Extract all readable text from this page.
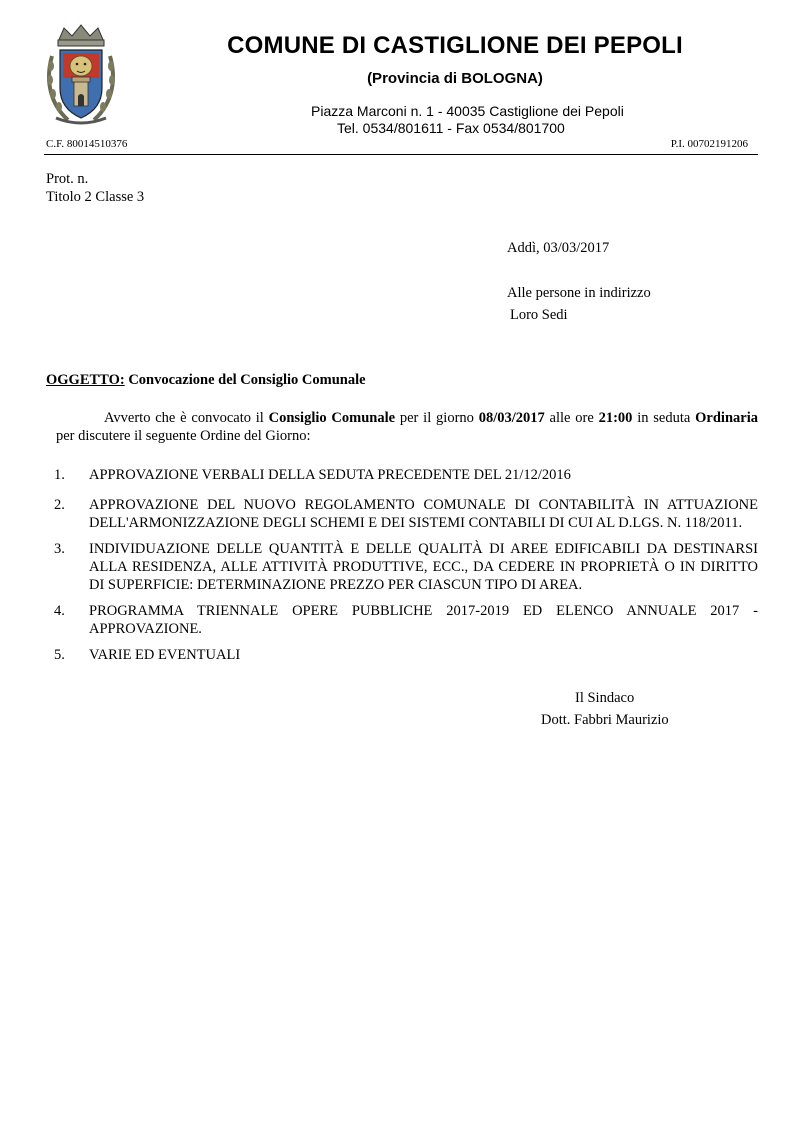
COMUNE DI CASTIGLIONE DEI PEPOLI
(Provincia di BOLOGNA)
Piazza Marconi n. 1 - 40035 Castiglione dei Pepoli
Tel. 0534/801611 - Fax 0534/801700
C.F. 80014510376	P.I. 00702191206
Prot. n.
Titolo 2 Classe 3
Addì, 03/03/2017
Alle persone in indirizzo
Loro Sedi
OGGETTO: Convocazione del Consiglio Comunale
Avverto che è convocato il Consiglio Comunale per il giorno 08/03/2017 alle ore 21:00 in seduta Ordinaria per discutere il seguente Ordine del Giorno:
1.	APPROVAZIONE VERBALI DELLA SEDUTA PRECEDENTE DEL 21/12/2016
2.	APPROVAZIONE DEL NUOVO REGOLAMENTO COMUNALE DI CONTABILITÀ IN ATTUAZIONE DELL'ARMONIZZAZIONE DEGLI SCHEMI E DEI SISTEMI CONTABILI DI CUI AL D.LGS. N. 118/2011.
3.	INDIVIDUAZIONE DELLE QUANTITÀ E DELLE QUALITÀ DI AREE EDIFICABILI DA DESTINARSI ALLA RESIDENZA, ALLE ATTIVITÀ PRODUTTIVE, ECC., DA CEDERE IN PROPRIETÀ O IN DIRITTO DI SUPERFICIE: DETERMINAZIONE PREZZO PER CIASCUN TIPO DI AREA.
4.	PROGRAMMA TRIENNALE OPERE PUBBLICHE 2017-2019 ED ELENCO ANNUALE 2017 - APPROVAZIONE.
5.	VARIE ED EVENTUALI
Il Sindaco
Dott. Fabbri Maurizio
